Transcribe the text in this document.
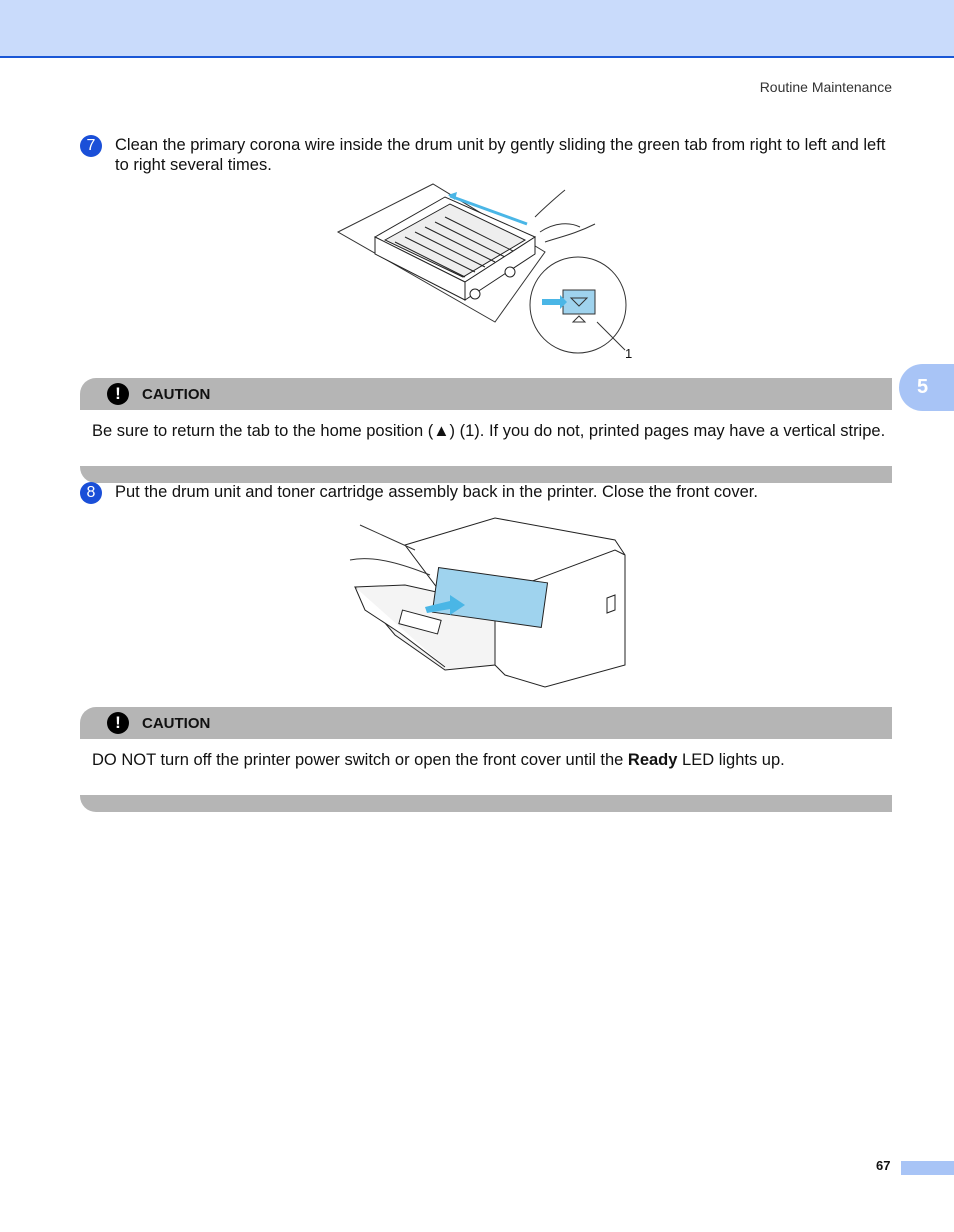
Routine Maintenance
5
7	Clean the primary corona wire inside the drum unit by gently sliding the green tab from right to left and left to right several times.
1
!	CAUTION
Be sure to return the tab to the home position (▲) (1). If you do not, printed pages may have a vertical stripe.
8	Put the drum unit and toner cartridge assembly back in the printer. Close the front cover.
!	CAUTION
DO NOT turn off the printer power switch or open the front cover until the Ready LED lights up.
67
